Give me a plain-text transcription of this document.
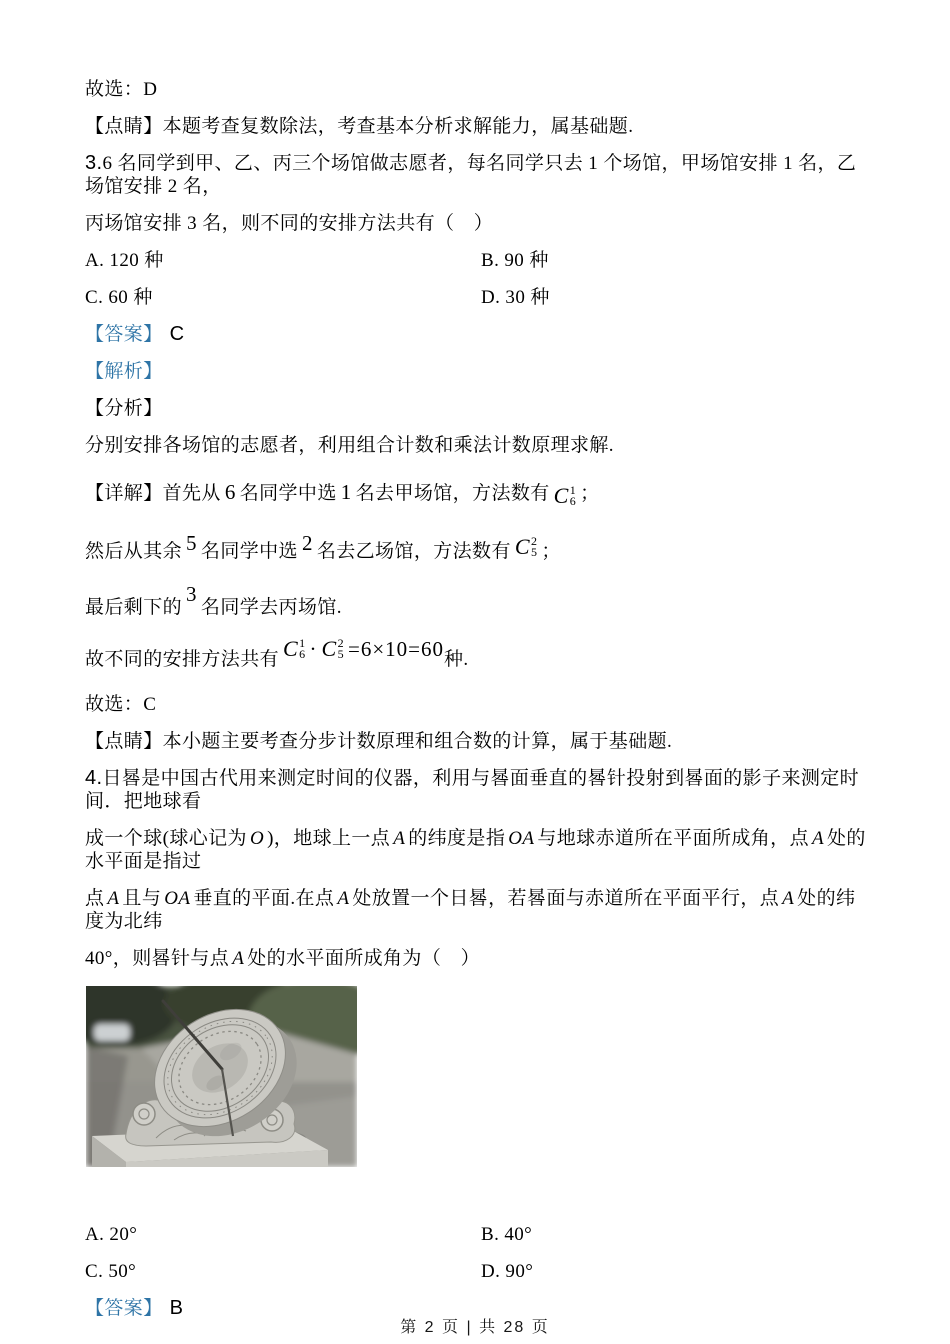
故选：D

【点睛】本题考查复数除法，考查基本分析求解能力，属基础题.

3.6 名同学到甲、乙、丙三个场馆做志愿者，每名同学只去 1 个场馆，甲场馆安排 1 名，乙场馆安排 2 名，

丙场馆安排 3 名，则不同的安排方法共有（　）

A. 120 种	B. 90 种
C. 60 种	D. 30 种

【答案】 C

【解析】

【分析】

分别安排各场馆的志愿者，利用组合计数和乘法计数原理求解.

【详解】首先从 6 名同学中选 1 名去甲场馆，方法数有 C 1
6 ；

然后从其余 5 名同学中选 2 名去乙场馆，方法数有 C 2
5 ；

最后剩下的3名同学去丙场馆.

故不同的安排方法共有 C 1
6 · C 2
5 =6×10=60 种.

故选：C

【点睛】本小题主要考查分步计数原理和组合数的计算，属于基础题.

4.日晷是中国古代用来测定时间的仪器，利用与晷面垂直的晷针投射到晷面的影子来测定时间．把地球看

成一个球(球心记为 O )，地球上一点 A 的纬度是指 OA 与地球赤道所在平面所成角，点 A 处的水平面是指过

点 A 且与 OA 垂直的平面.在点 A 处放置一个日晷，若晷面与赤道所在平面平行，点 A 处的纬度为北纬

40°，则晷针与点 A 处的水平面所成角为（　）

A. 20°	B. 40°
C. 50°	D. 90°

【答案】 B

第 2 页 | 共 28 页
